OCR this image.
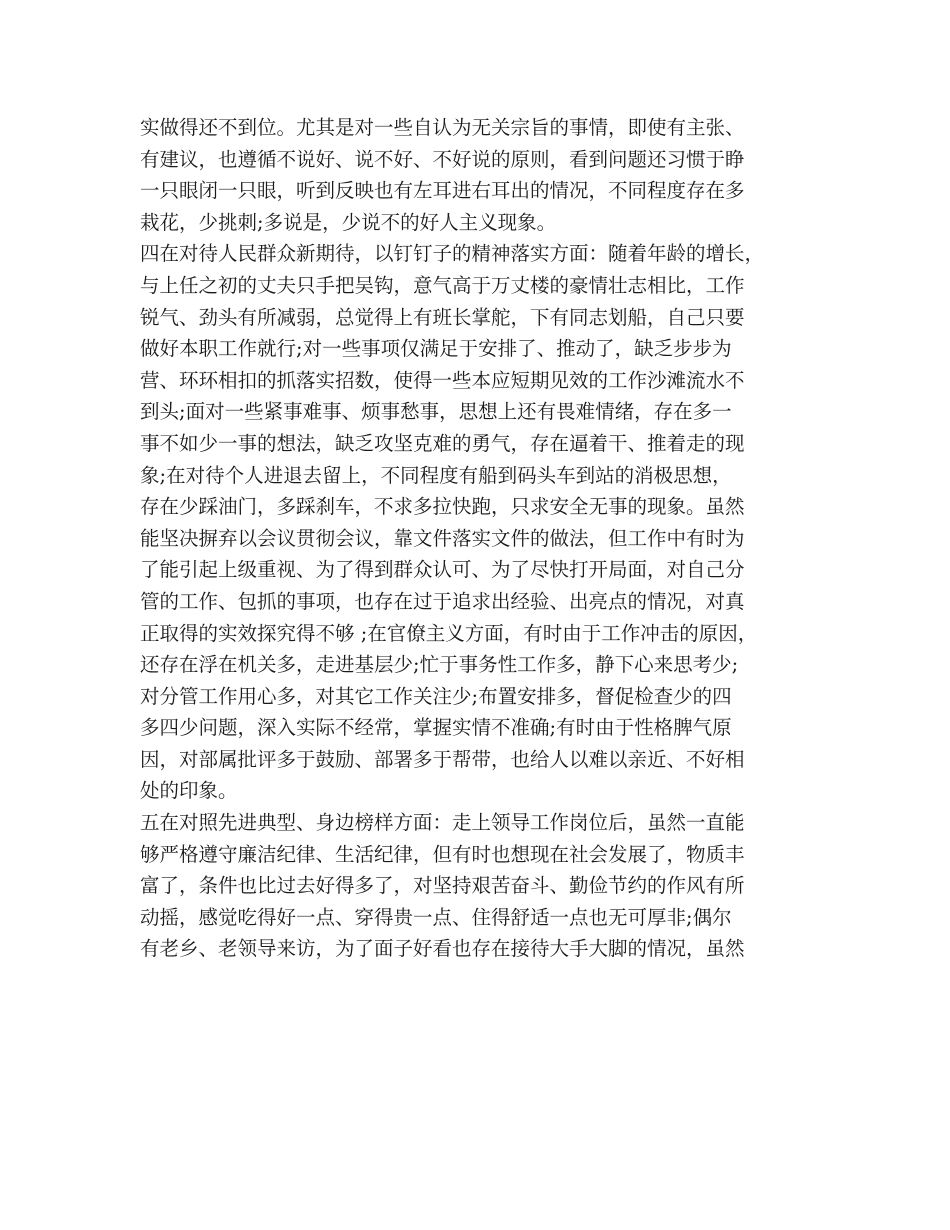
实做得还不到位。尤其是对一些自认为无关宗旨的事情，即使有主张、
有建议，也遵循不说好、说不好、不好说的原则，看到问题还习惯于睁
一只眼闭一只眼，听到反映也有左耳进右耳出的情况，不同程度存在多
栽花，少挑刺;多说是，少说不的好人主义现象。
四在对待人民群众新期待，以钉钉子的精神落实方面：随着年龄的增长，
与上任之初的丈夫只手把吴钩，意气高于万丈楼的豪情壮志相比，工作
锐气、劲头有所减弱，总觉得上有班长掌舵，下有同志划船，自己只要
做好本职工作就行;对一些事项仅满足于安排了、推动了，缺乏步步为
营、环环相扣的抓落实招数，使得一些本应短期见效的工作沙滩流水不
到头;面对一些紧事难事、烦事愁事，思想上还有畏难情绪，存在多一
事不如少一事的想法，缺乏攻坚克难的勇气，存在逼着干、推着走的现
象;在对待个人进退去留上，不同程度有船到码头车到站的消极思想，
存在少踩油门，多踩刹车，不求多拉快跑，只求安全无事的现象。虽然
能坚决摒弃以会议贯彻会议，靠文件落实文件的做法，但工作中有时为
了能引起上级重视、为了得到群众认可、为了尽快打开局面，对自己分
管的工作、包抓的事项，也存在过于追求出经验、出亮点的情况，对真
正取得的实效探究得不够 ;在官僚主义方面，有时由于工作冲击的原因，
还存在浮在机关多，走进基层少;忙于事务性工作多，静下心来思考少;
对分管工作用心多，对其它工作关注少;布置安排多，督促检查少的四
多四少问题，深入实际不经常，掌握实情不准确;有时由于性格脾气原
因，对部属批评多于鼓励、部署多于帮带，也给人以难以亲近、不好相
处的印象。
五在对照先进典型、身边榜样方面：走上领导工作岗位后，虽然一直能
够严格遵守廉洁纪律、生活纪律，但有时也想现在社会发展了，物质丰
富了，条件也比过去好得多了，对坚持艰苦奋斗、勤俭节约的作风有所
动摇，感觉吃得好一点、穿得贵一点、住得舒适一点也无可厚非;偶尔
有老乡、老领导来访，为了面子好看也存在接待大手大脚的情况，虽然
